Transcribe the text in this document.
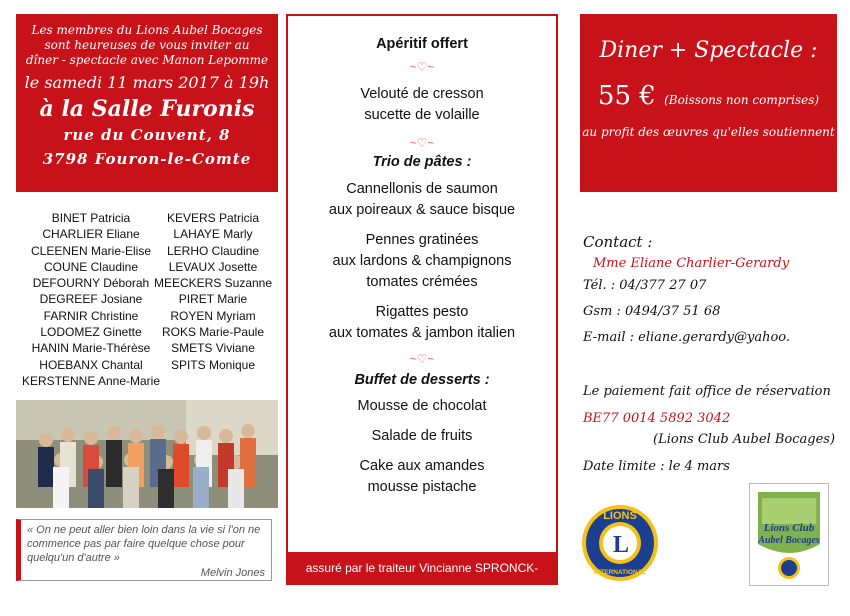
Les membres du Lions Aubel Bocages
sont heureuses de vous inviter au
dîner - spectacle avec Manon Lepomme
le samedi 11 mars 2017 à 19h
à la Salle Furonis
rue du Couvent, 8
3798 Fouron-le-Comte
BINET Patricia
CHARLIER Eliane
CLEENEN Marie-Elise
COUNE Claudine
DEFOURNY Déborah
DEGREEF Josiane
FARNIR Christine
LODOMEZ Ginette
HANIN Marie-Thérèse
HOEBANX Chantal
KERSTENNE Anne-Marie
KEVERS Patricia
LAHAYE Marly
LERHO Claudine
LEVAUX Josette
MEECKERS Suzanne
PIRET Marie
ROYEN Myriam
ROKS Marie-Paule
SMETS Viviane
SPITS Monique
« On ne peut aller bien loin dans la vie si l'on ne commence pas par faire quelque chose pour quelqu'un d'autre »
Melvin Jones
Apéritif offert
~♡~
Velouté de cresson
sucette de volaille
~♡~
Trio de pâtes :
Cannellonis de saumon
aux poireaux & sauce bisque
Pennes gratinées
aux lardons & champignons
tomates crémées
Rigattes pesto
aux tomates & jambon italien
~♡~
Buffet de desserts :
Mousse de chocolat
Salade de fruits
Cake aux amandes
mousse pistache
assuré par le traiteur Vincianne SPRONCK-CHARLIER
Diner + Spectacle :
55 € (Boissons non comprises)
au profit des œuvres qu'elles soutiennent
Contact :
Mme Eliane Charlier-Gerardy
Tél. : 04/377 27 07
Gsm : 0494/37 51 68
E-mail : eliane.gerardy@yahoo.
Le paiement fait office de réservation
BE77 0014 5892 3042
(Lions Club Aubel Bocages)
Date limite : le 4 mars
LIONS
INTERNATIONAL
L
Lions Club
Aubel Bocages
